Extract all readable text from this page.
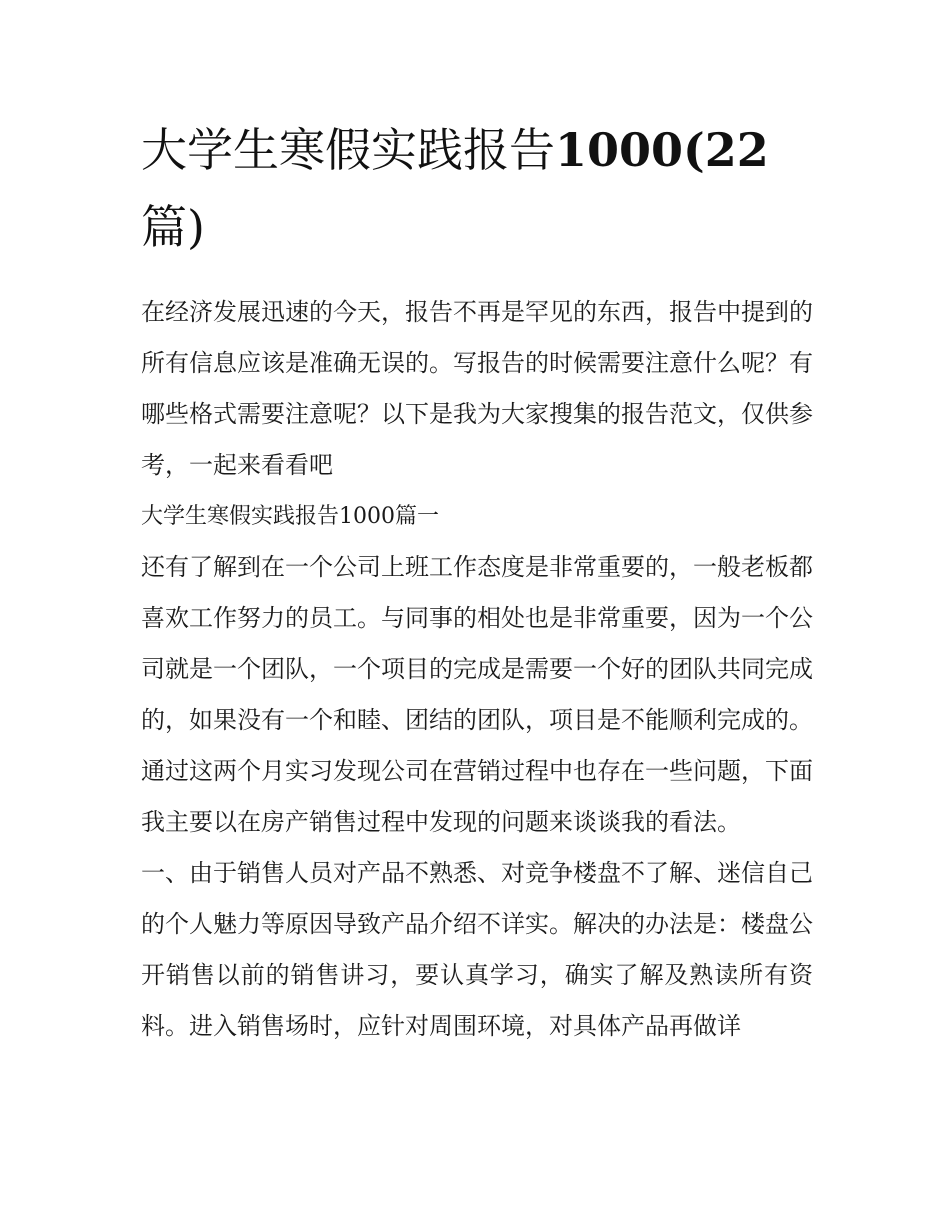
大学生寒假实践报告1000(22
篇)

在经济发展迅速的今天，报告不再是罕见的东西，报告中提到的所有信息应该是准确无误的。写报告的时候需要注意什么呢？有哪些格式需要注意呢？以下是我为大家搜集的报告范文，仅供参考，一起来看看吧

大学生寒假实践报告1000篇一

还有了解到在一个公司上班工作态度是非常重要的，一般老板都喜欢工作努力的员工。与同事的相处也是非常重要，因为一个公司就是一个团队，一个项目的完成是需要一个好的团队共同完成的，如果没有一个和睦、团结的团队，项目是不能顺利完成的。通过这两个月实习发现公司在营销过程中也存在一些问题，下面我主要以在房产销售过程中发现的问题来谈谈我的看法。

一、由于销售人员对产品不熟悉、对竞争楼盘不了解、迷信自己的个人魅力等原因导致产品介绍不详实。解决的办法是：楼盘公开销售以前的销售讲习，要认真学习，确实了解及熟读所有资料。进入销售场时，应针对周围环境，对具体产品再做详
